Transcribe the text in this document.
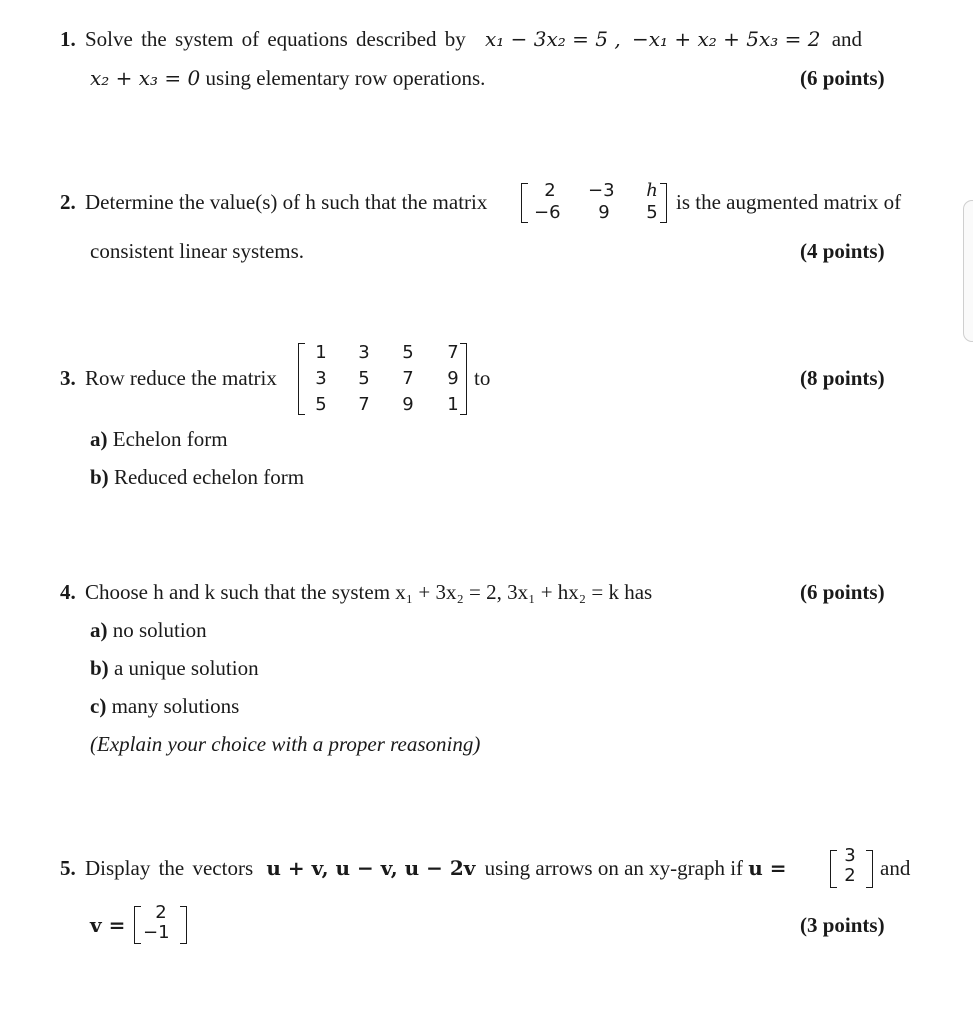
1. Solve the system of equations described by x₁ − 3x₂ = 5 , −x₁ + x₂ + 5x₃ = 2 and
x₂ + x₃ = 0 using elementary row operations.	(6 points)
2. Determine the value(s) of h such that the matrix	2	−3	h
−6	9	5 is the augmented matrix of
consistent linear systems.	(4 points)
3. Row reduce the matrix
1	3	5	7
3	5	7	9
5	7	9	1
to	(8 points)
a) Echelon form
b) Reduced echelon form
4. Choose h and k such that the system x₁ + 3x₂ = 2, 3x₁ + hx₂ = k has	(6 points)
a) no solution
b) a unique solution
c) many solutions
(Explain your choice with a proper reasoning)
5. Display the vectors u + v, u − v, u − 2v using arrows on an xy-graph if u =
3
2 and
v =
2
−1	(3 points)
